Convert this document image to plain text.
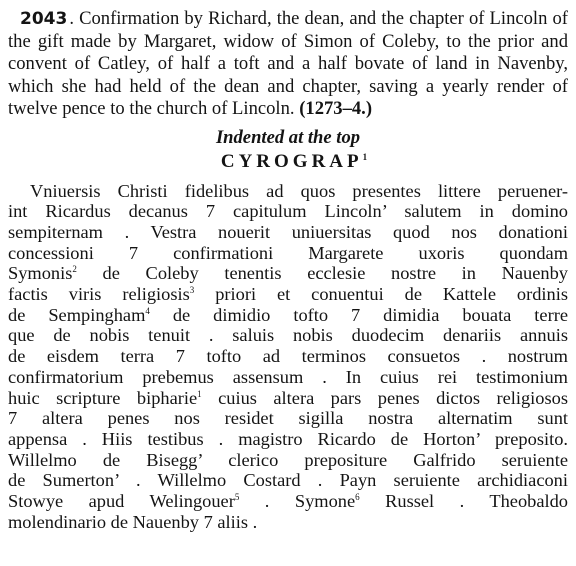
2043 . Confirmation by Richard, the dean, and the chapter of Lincoln of the gift made by Margaret, widow of Simon of Coleby, to the prior and convent of Catley, of half a toft and a half bovate of land in Navenby, which she had held of the dean and chapter, saving a yearly render of twelve pence to the church of Lincoln. (1273–4.)

Indented at the top
CYROGRAP$^1$
Vniuersis Christi fidelibus ad quos presentes littere peruener-
int Ricardus decanus 7 capitulum Lincoln’ salutem in domino
sempiternam . Vestra nouerit uniuersitas quod nos donationi
concessioni 7 confirmationi Margarete uxoris quondam
Symonis$^2$ de Coleby tenentis ecclesie nostre in Nauenby
factis viris religiosis$^3$ priori et conuentui de Kattele ordinis
de Sempingham$^4$ de dimidio tofto 7 dimidia bouata terre
que de nobis tenuit . saluis nobis duodecim denariis annuis
de eisdem terra 7 tofto ad terminos consuetos . nostrum
confirmatorium prebemus assensum . In cuius rei testimonium
huic scripture bipharie$^1$ cuius altera pars penes dictos religiosos
7 altera penes nos residet sigilla nostra alternatim sunt
appensa . Hiis testibus . magistro Ricardo de Horton’ preposito.
Willelmo de Bisegg’ clerico prepositure Galfrido seruiente
de Sumerton’ . Willelmo Costard . Payn seruiente archidiaconi
Stowye apud Welingouer$^5$ . Symone$^6$ Russel . Theobaldo
molendinario de Nauenby 7 aliis .
